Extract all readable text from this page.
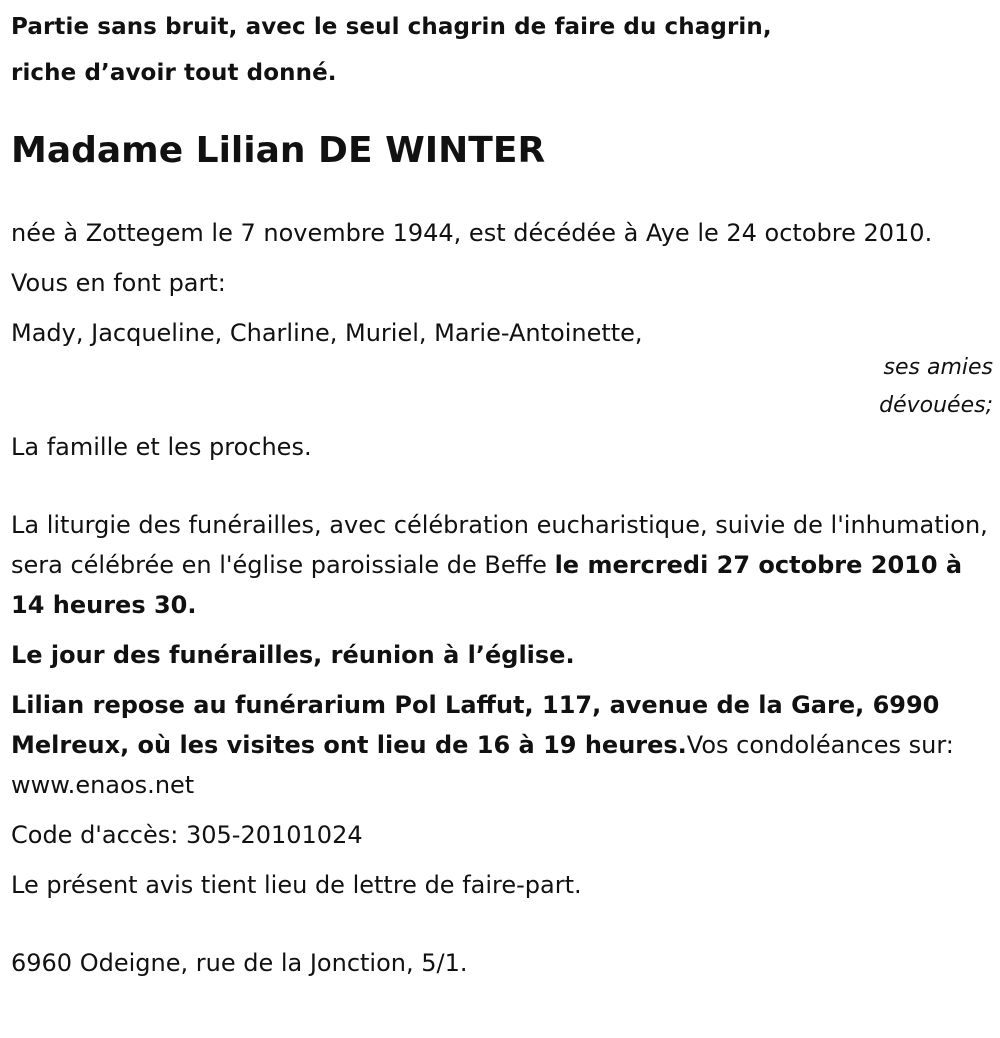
Partie sans bruit, avec le seul chagrin de faire du chagrin,
riche d’avoir tout donné.
Madame Lilian DE WINTER

née à Zottegem le 7 novembre 1944, est décédée à Aye le 24 octobre 2010.

Vous en font part:

Mady, Jacqueline, Charline, Muriel, Marie-Antoinette,

ses amies
dévouées;

La famille et les proches.

La liturgie des funérailles, avec célébration eucharistique, suivie de l'inhumation, sera célébrée en l'église paroissiale de Beffe le mercredi 27 octobre 2010 à 14 heures 30.

Le jour des funérailles, réunion à l’église.

Lilian repose au funérarium Pol Laffut, 117, avenue de la Gare, 6990 Melreux, où les visites ont lieu de 16 à 19 heures.Vos condoléances sur: www.enaos.net

Code d'accès: 305-20101024

Le présent avis tient lieu de lettre de faire-part.

6960 Odeigne, rue de la Jonction, 5/1.
